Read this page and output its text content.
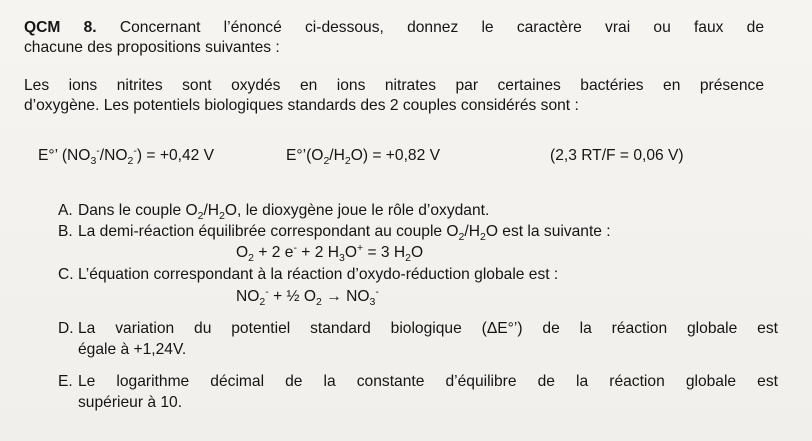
QCM 8. Concernant l’énoncé ci-dessous, donnez le caractère vrai ou faux de
chacune des propositions suivantes :
Les ions nitrites sont oxydés en ions nitrates par certaines bactéries en présence
d’oxygène. Les potentiels biologiques standards des 2 couples considérés sont :
E°’ $(NO_3^-/NO_2^-) = +0,42$ V	$E^\circ’(O_2/H_2O) = +0,82$ V	(2,3 RT/F = 0,06 V)
A. Dans le couple $O_2/H_2O$, le dioxygène joue le rôle d’oxydant.
B. La demi-réaction équilibrée correspondant au couple $O_2/H_2O$ est la suivante :
$O_2 + 2$ e- + 2 $H_3O^+ = 3$ $H_2O$
C. L’équation correspondant à la réaction d’oxydo-réduction globale est :
$NO_2^-$ + ½ $O_2 \to NO_3^-$
D. La variation du potentiel standard biologique (ΔE°’) de la réaction globale est
égale à +1,24V.
E. Le logarithme décimal de la constante d’équilibre de la réaction globale est
supérieur à 10.
